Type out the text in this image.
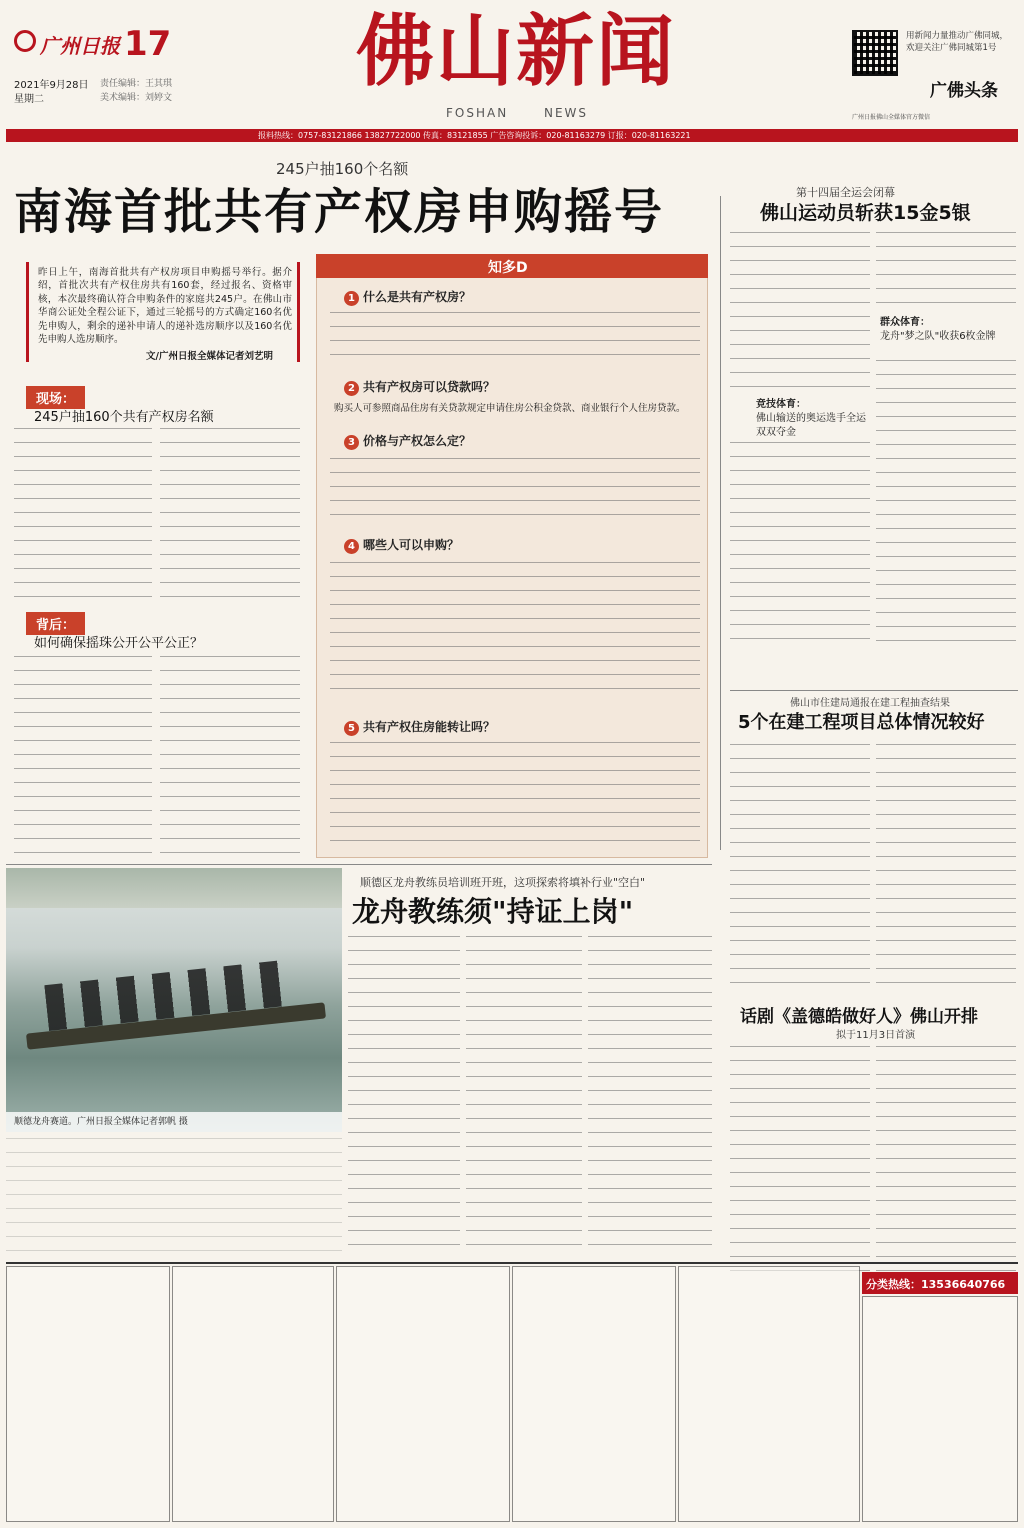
广州日报 17
2021年9月28日
星期二
责任编辑：王其琪
美术编辑：刘婷文
佛山新闻
FOSHAN	NEWS	广州日报佛山全媒体官方微信
用新闻力量推动广佛同城，欢迎关注广佛同城第1号
广佛头条
报料热线：0757-83121866 13827722000 传真：83121855 广告咨询投诉：020-81163279 订报：020-81163221
245户抽160个名额
南海首批共有产权房申购摇号
昨日上午，南海首批共有产权房项目申购摇号举行。据介绍，首批次共有产权住房共有160套，经过报名、资格审核，本次最终确认符合申购条件的家庭共245户。在佛山市华商公证处全程公证下，通过三轮摇号的方式确定160名优先申购人，剩余的递补申请人的递补选房顺序以及160名优先申购人选房顺序。
文/广州日报全媒体记者刘艺明
现场：
245户抽160个共有产权房名额
背后：
如何确保摇珠公开公平公正？
知多D
1 什么是共有产权房？
2 共有产权房可以贷款吗？
购买人可参照商品住房有关贷款规定申请住房公积金贷款、商业银行个人住房贷款。
3 价格与产权怎么定？
4 哪些人可以申购？
5 共有产权住房能转让吗？
第十四届全运会闭幕
佛山运动员斩获15金5银
竞技体育：
佛山输送的奥运选手全运双双夺金
群众体育：
龙舟"梦之队"收获6枚金牌
佛山市住建局通报在建工程抽查结果
5个在建工程项目总体情况较好
话剧《盖德皓做好人》佛山开排
拟于11月3日首演
顺德龙舟赛道。广州日报全媒体记者郭帆 摄
顺德区龙舟教练员培训班开班，这项探索将填补行业"空白"
龙舟教练须"持证上岗"
分类热线：13536640766
